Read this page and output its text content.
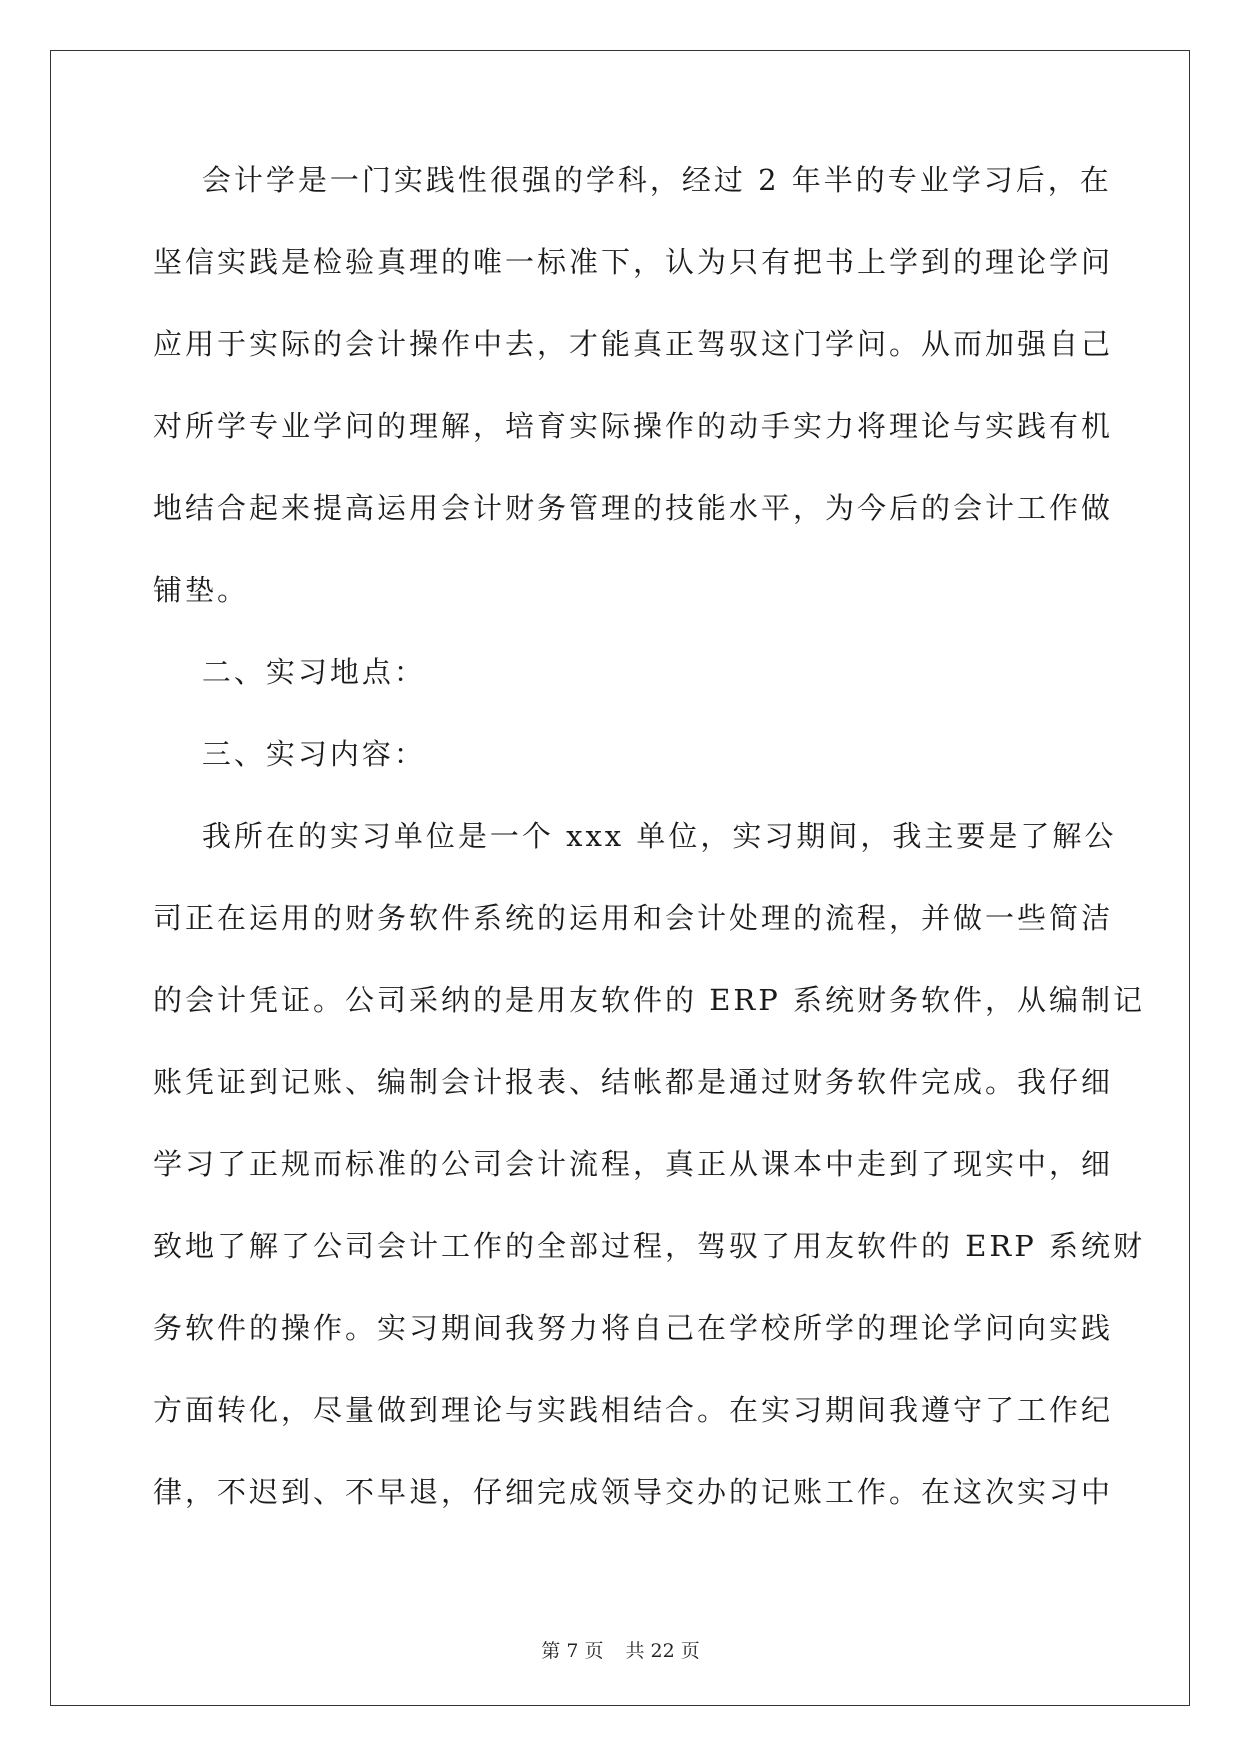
会计学是一门实践性很强的学科，经过 2 年半的专业学习后，在
坚信实践是检验真理的唯一标准下，认为只有把书上学到的理论学问
应用于实际的会计操作中去，才能真正驾驭这门学问。从而加强自己
对所学专业学问的理解，培育实际操作的动手实力将理论与实践有机
地结合起来提高运用会计财务管理的技能水平，为今后的会计工作做
铺垫。
二、实习地点：
三、实习内容：
我所在的实习单位是一个 xxx 单位，实习期间，我主要是了解公
司正在运用的财务软件系统的运用和会计处理的流程，并做一些简洁
的会计凭证。公司采纳的是用友软件的 ERP 系统财务软件，从编制记
账凭证到记账、编制会计报表、结帐都是通过财务软件完成。我仔细
学习了正规而标准的公司会计流程，真正从课本中走到了现实中，细
致地了解了公司会计工作的全部过程，驾驭了用友软件的 ERP 系统财
务软件的操作。实习期间我努力将自己在学校所学的理论学问向实践
方面转化，尽量做到理论与实践相结合。在实习期间我遵守了工作纪
律，不迟到、不早退，仔细完成领导交办的记账工作。在这次实习中
第 7 页 共 22 页
